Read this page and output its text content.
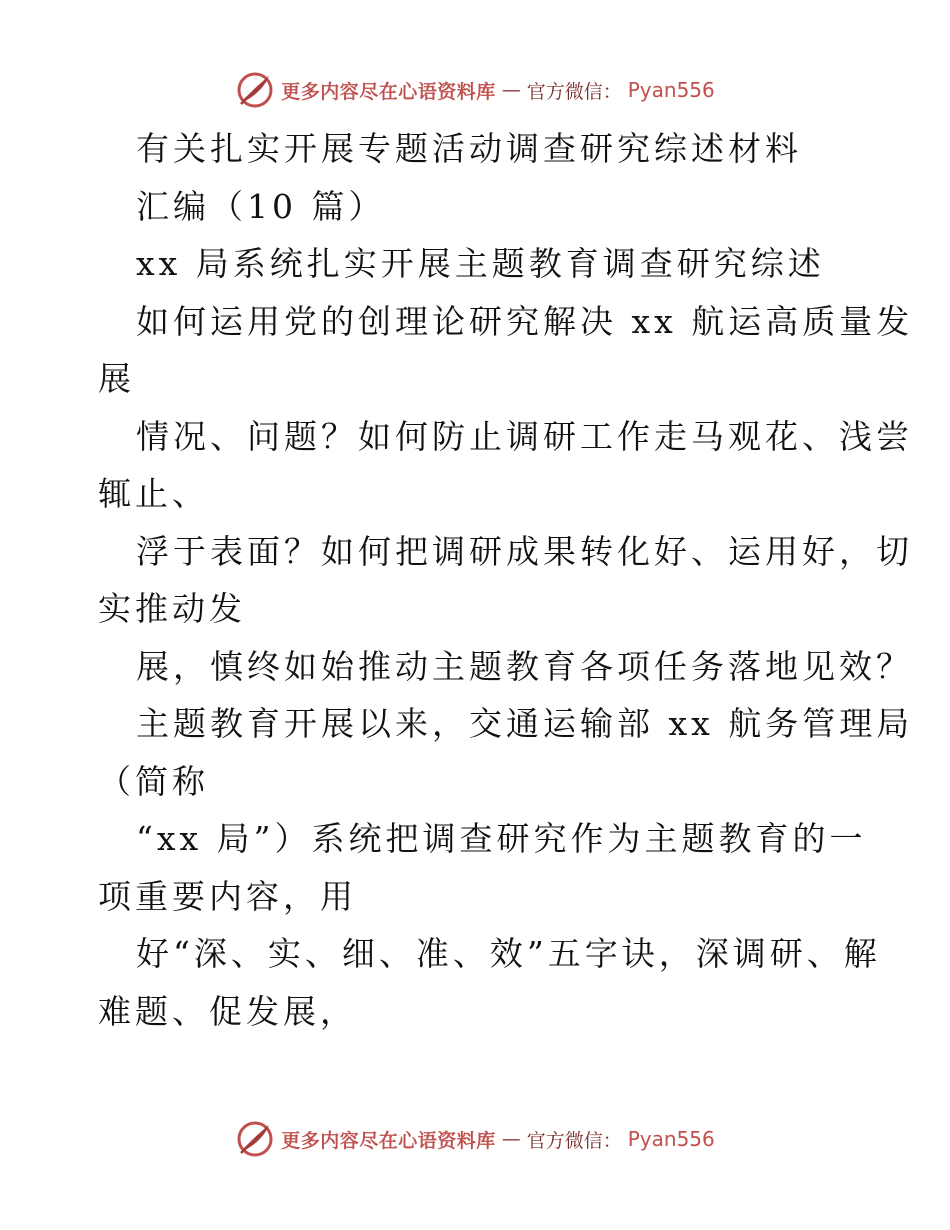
更多内容尽在心语资料库 — 官方微信： Pyan556
有关扎实开展专题活动调查研究综述材料
汇编（10 篇）
xx 局系统扎实开展主题教育调查研究综述
如何运用党的创理论研究解决 xx 航运高质量发
展
情况、问题？如何防止调研工作走马观花、浅尝
辄止、
浮于表面？如何把调研成果转化好、运用好，切
实推动发
展，慎终如始推动主题教育各项任务落地见效？
主题教育开展以来，交通运输部 xx 航务管理局
（简称
“xx 局”）系统把调查研究作为主题教育的一
项重要内容，用
好“深、实、细、准、效”五字诀，深调研、解
难题、促发展，
更多内容尽在心语资料库 — 官方微信： Pyan556
